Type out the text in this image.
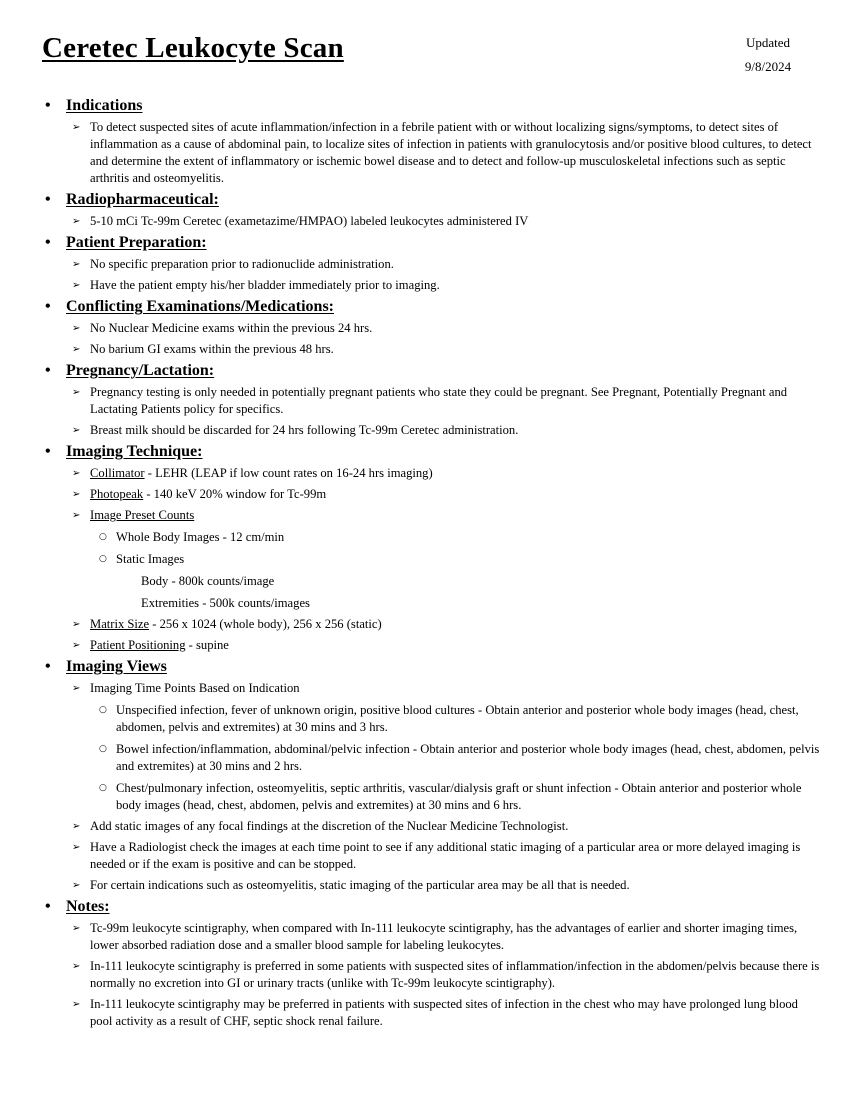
Ceretec Leukocyte Scan	Updated
9/8/2024
• Indications
➢ To detect suspected sites of acute inflammation/infection in a febrile patient with or without localizing signs/symptoms, to detect sites of inflammation as a cause of abdominal pain, to localize sites of infection in patients with granulocytosis and/or positive blood cultures, to detect and determine the extent of inflammatory or ischemic bowel disease and to detect and follow-up musculoskeletal infections such as septic arthritis and osteomyelitis.
• Radiopharmaceutical:
➢ 5-10 mCi Tc-99m Ceretec (exametazime/HMPAO) labeled leukocytes administered IV
• Patient Preparation:
➢ No specific preparation prior to radionuclide administration.
➢ Have the patient empty his/her bladder immediately prior to imaging.
• Conflicting Examinations/Medications:
➢ No Nuclear Medicine exams within the previous 24 hrs.
➢ No barium GI exams within the previous 48 hrs.
• Pregnancy/Lactation:
➢ Pregnancy testing is only needed in potentially pregnant patients who state they could be pregnant. See Pregnant, Potentially Pregnant and Lactating Patients policy for specifics.
➢ Breast milk should be discarded for 24 hrs following Tc-99m Ceretec administration.
• Imaging Technique:
➢ Collimator - LEHR (LEAP if low count rates on 16-24 hrs imaging)
➢ Photopeak - 140 keV 20% window for Tc-99m
➢ Image Preset Counts
○ Whole Body Images - 12 cm/min
○ Static Images
Body - 800k counts/image
Extremities - 500k counts/images
➢ Matrix Size - 256 x 1024 (whole body), 256 x 256 (static)
➢ Patient Positioning - supine
• Imaging Views
➢ Imaging Time Points Based on Indication
○ Unspecified infection, fever of unknown origin, positive blood cultures - Obtain anterior and posterior whole body images (head, chest, abdomen, pelvis and extremites) at 30 mins and 3 hrs.
○ Bowel infection/inflammation, abdominal/pelvic infection - Obtain anterior and posterior whole body images (head, chest, abdomen, pelvis and extremites) at 30 mins and 2 hrs.
○ Chest/pulmonary infection, osteomyelitis, septic arthritis, vascular/dialysis graft or shunt infection - Obtain anterior and posterior whole body images (head, chest, abdomen, pelvis and extremites) at 30 mins and 6 hrs.
➢ Add static images of any focal findings at the discretion of the Nuclear Medicine Technologist.
➢ Have a Radiologist check the images at each time point to see if any additional static imaging of a particular area or more delayed imaging is needed or if the exam is positive and can be stopped.
➢ For certain indications such as osteomyelitis, static imaging of the particular area may be all that is needed.
• Notes:
➢ Tc-99m leukocyte scintigraphy, when compared with In-111 leukocyte scintigraphy, has the advantages of earlier and shorter imaging times, lower absorbed radiation dose and a smaller blood sample for labeling leukocytes.
➢ In-111 leukocyte scintigraphy is preferred in some patients with suspected sites of inflammation/infection in the abdomen/pelvis because there is normally no excretion into GI or urinary tracts (unlike with Tc-99m leukocyte scintigraphy).
➢ In-111 leukocyte scintigraphy may be preferred in patients with suspected sites of infection in the chest who may have prolonged lung blood pool activity as a result of CHF, septic shock renal failure.
